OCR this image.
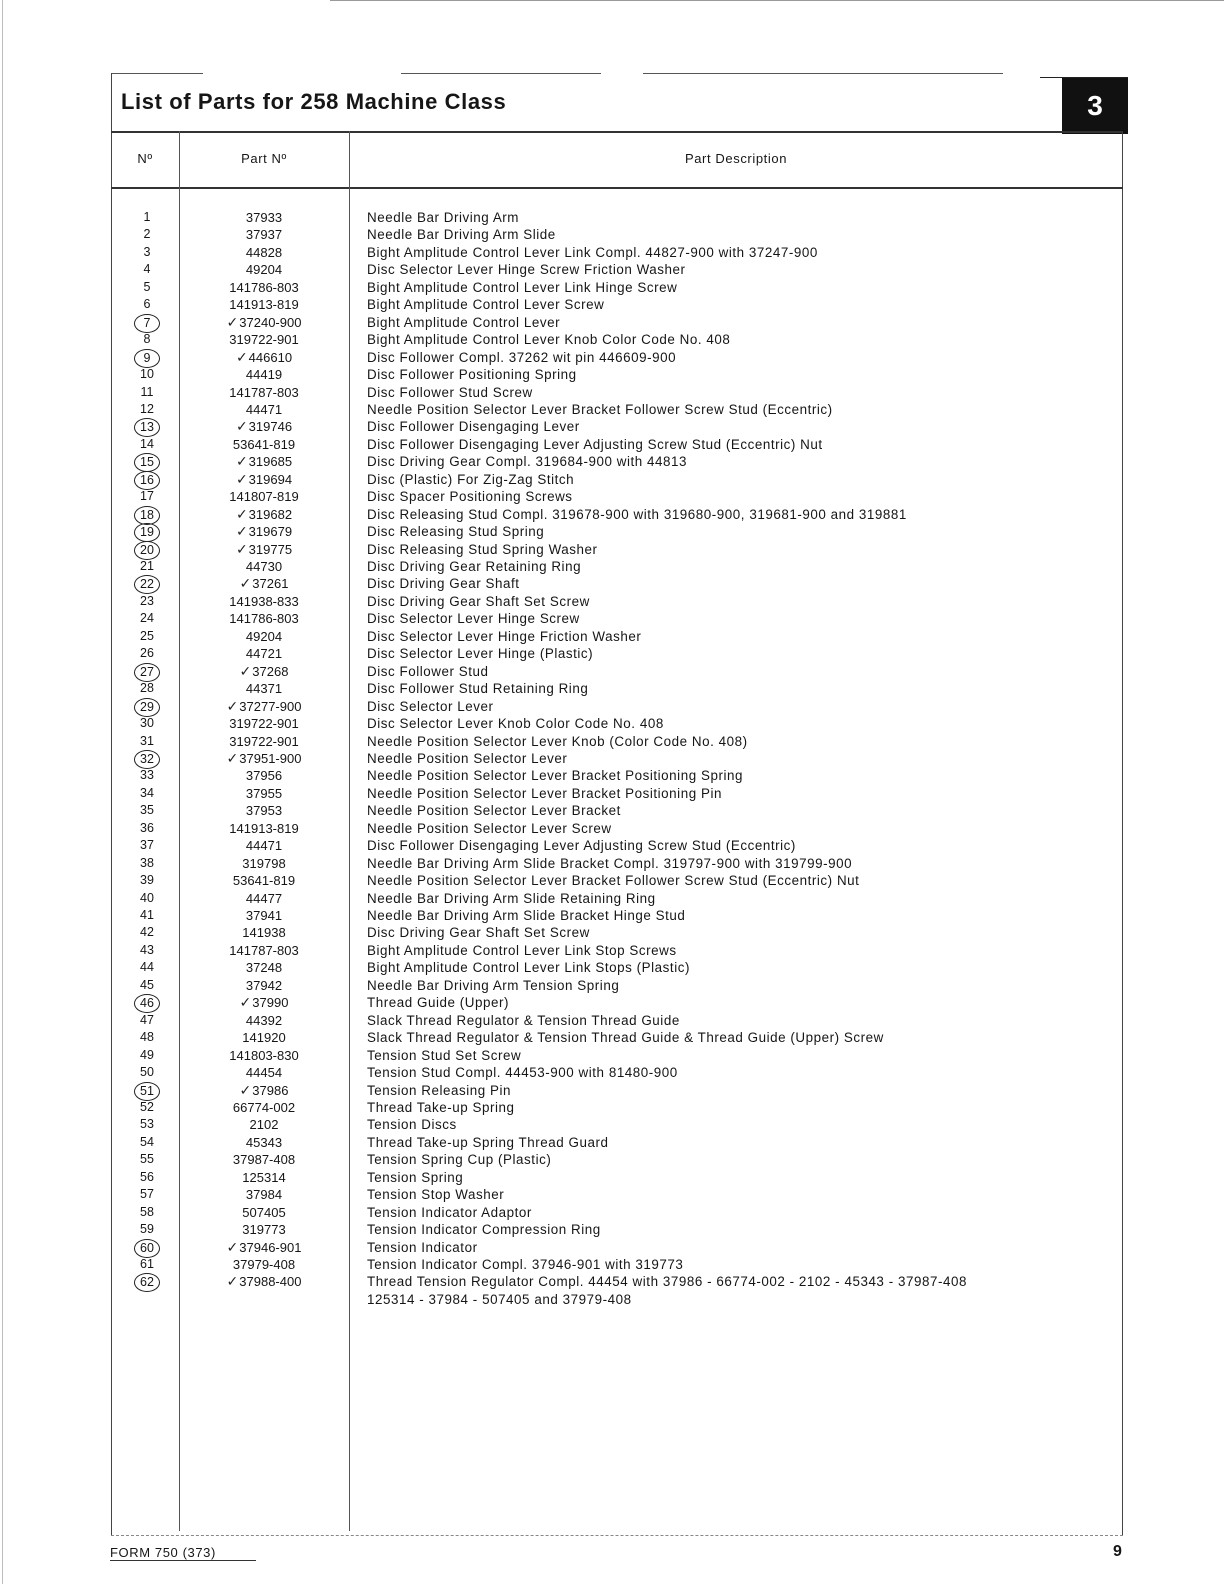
3
List of Parts for 258 Machine Class
Nº	Part Nº	Part Description
1	37933	Needle Bar Driving Arm
2	37937	Needle Bar Driving Arm Slide
3	44828	Bight Amplitude Control Lever Link Compl. 44827-900 with 37247-900
4	49204	Disc Selector Lever Hinge Screw Friction Washer
5	141786-803	Bight Amplitude Control Lever Link Hinge Screw
6	141913-819	Bight Amplitude Control Lever Screw
7	✓37240-900	Bight Amplitude Control Lever
8	319722-901	Bight Amplitude Control Lever Knob Color Code No. 408
9	✓446610	Disc Follower Compl. 37262 wit pin 446609-900
10	44419	Disc Follower Positioning Spring
11	141787-803	Disc Follower Stud Screw
12	44471	Needle Position Selector Lever Bracket Follower Screw Stud (Eccentric)
13	✓319746	Disc Follower Disengaging Lever
14	53641-819	Disc Follower Disengaging Lever Adjusting Screw Stud (Eccentric) Nut
15	✓319685	Disc Driving Gear Compl. 319684-900 with 44813
16	✓319694	Disc (Plastic) For Zig-Zag Stitch
17	141807-819	Disc Spacer Positioning Screws
18	✓319682	Disc Releasing Stud Compl. 319678-900 with 319680-900, 319681-900 and 319881
19	✓319679	Disc Releasing Stud Spring
20	✓319775	Disc Releasing Stud Spring Washer
21	44730	Disc Driving Gear Retaining Ring
22	✓37261	Disc Driving Gear Shaft
23	141938-833	Disc Driving Gear Shaft Set Screw
24	141786-803	Disc Selector Lever Hinge Screw
25	49204	Disc Selector Lever Hinge Friction Washer
26	44721	Disc Selector Lever Hinge (Plastic)
27	✓37268	Disc Follower Stud
28	44371	Disc Follower Stud Retaining Ring
29	✓37277-900	Disc Selector Lever
30	319722-901	Disc Selector Lever Knob Color Code No. 408
31	319722-901	Needle Position Selector Lever Knob (Color Code No. 408)
32	✓37951-900	Needle Position Selector Lever
33	37956	Needle Position Selector Lever Bracket Positioning Spring
34	37955	Needle Position Selector Lever Bracket Positioning Pin
35	37953	Needle Position Selector Lever Bracket
36	141913-819	Needle Position Selector Lever Screw
37	44471	Disc Follower Disengaging Lever Adjusting Screw Stud (Eccentric)
38	319798	Needle Bar Driving Arm Slide Bracket Compl. 319797-900 with 319799-900
39	53641-819	Needle Position Selector Lever Bracket Follower Screw Stud (Eccentric) Nut
40	44477	Needle Bar Driving Arm Slide Retaining Ring
41	37941	Needle Bar Driving Arm Slide Bracket Hinge Stud
42	141938	Disc Driving Gear Shaft Set Screw
43	141787-803	Bight Amplitude Control Lever Link Stop Screws
44	37248	Bight Amplitude Control Lever Link Stops (Plastic)
45	37942	Needle Bar Driving Arm Tension Spring
46	✓37990	Thread Guide (Upper)
47	44392	Slack Thread Regulator & Tension Thread Guide
48	141920	Slack Thread Regulator & Tension Thread Guide & Thread Guide (Upper) Screw
49	141803-830	Tension Stud Set Screw
50	44454	Tension Stud Compl. 44453-900 with 81480-900
51	✓37986	Tension Releasing Pin
52	66774-002	Thread Take-up Spring
53	2102	Tension Discs
54	45343	Thread Take-up Spring Thread Guard
55	37987-408	Tension Spring Cup (Plastic)
56	125314	Tension Spring
57	37984	Tension Stop Washer
58	507405	Tension Indicator Adaptor
59	319773	Tension Indicator Compression Ring
60	✓37946-901	Tension Indicator
61	37979-408	Tension Indicator Compl. 37946-901 with 319773
62	✓37988-400	Thread Tension Regulator Compl. 44454 with 37986 - 66774-002 - 2102 - 45343 - 37987-408
125314 - 37984 - 507405 and 37979-408
FORM 750 (373)	9
